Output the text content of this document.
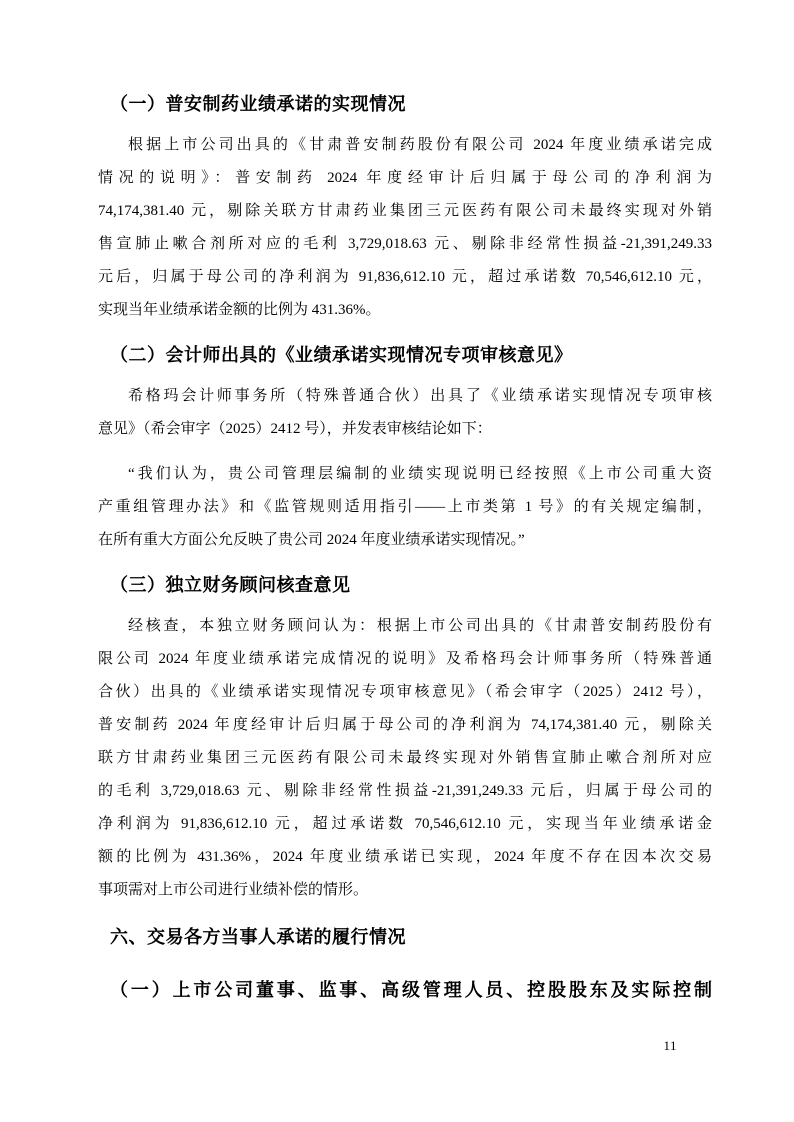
（一）普安制药业绩承诺的实现情况
根据上市公司出具的《甘肃普安制药股份有限公司 2024 年度业绩承诺完成
情况的说明》：普安制药 2024 年度经审计后归属于母公司的净利润为
74,174,381.40 元，剔除关联方甘肃药业集团三元医药有限公司未最终实现对外销
售宣肺止嗽合剂所对应的毛利 3,729,018.63 元、剔除非经常性损益-21,391,249.33
元后，归属于母公司的净利润为 91,836,612.10 元，超过承诺数 70,546,612.10 元，
实现当年业绩承诺金额的比例为 431.36%。
（二）会计师出具的《业绩承诺实现情况专项审核意见》
希格玛会计师事务所（特殊普通合伙）出具了《业绩承诺实现情况专项审核
意见》（希会审字（2025）2412 号），并发表审核结论如下：
“我们认为，贵公司管理层编制的业绩实现说明已经按照《上市公司重大资
产重组管理办法》和《监管规则适用指引——上市类第 1 号》的有关规定编制，
在所有重大方面公允反映了贵公司 2024 年度业绩承诺实现情况。”
（三）独立财务顾问核查意见
经核查，本独立财务顾问认为：根据上市公司出具的《甘肃普安制药股份有
限公司 2024 年度业绩承诺完成情况的说明》及希格玛会计师事务所（特殊普通
合伙）出具的《业绩承诺实现情况专项审核意见》（希会审字（2025）2412 号），
普安制药 2024 年度经审计后归属于母公司的净利润为 74,174,381.40 元，剔除关
联方甘肃药业集团三元医药有限公司未最终实现对外销售宣肺止嗽合剂所对应
的毛利 3,729,018.63 元、剔除非经常性损益-21,391,249.33 元后，归属于母公司的
净利润为 91,836,612.10 元，超过承诺数 70,546,612.10 元，实现当年业绩承诺金
额的比例为 431.36%，2024 年度业绩承诺已实现，2024 年度不存在因本次交易
事项需对上市公司进行业绩补偿的情形。
六、交易各方当事人承诺的履行情况
（一）上市公司董事、监事、高级管理人员、控股股东及实际控制
11
